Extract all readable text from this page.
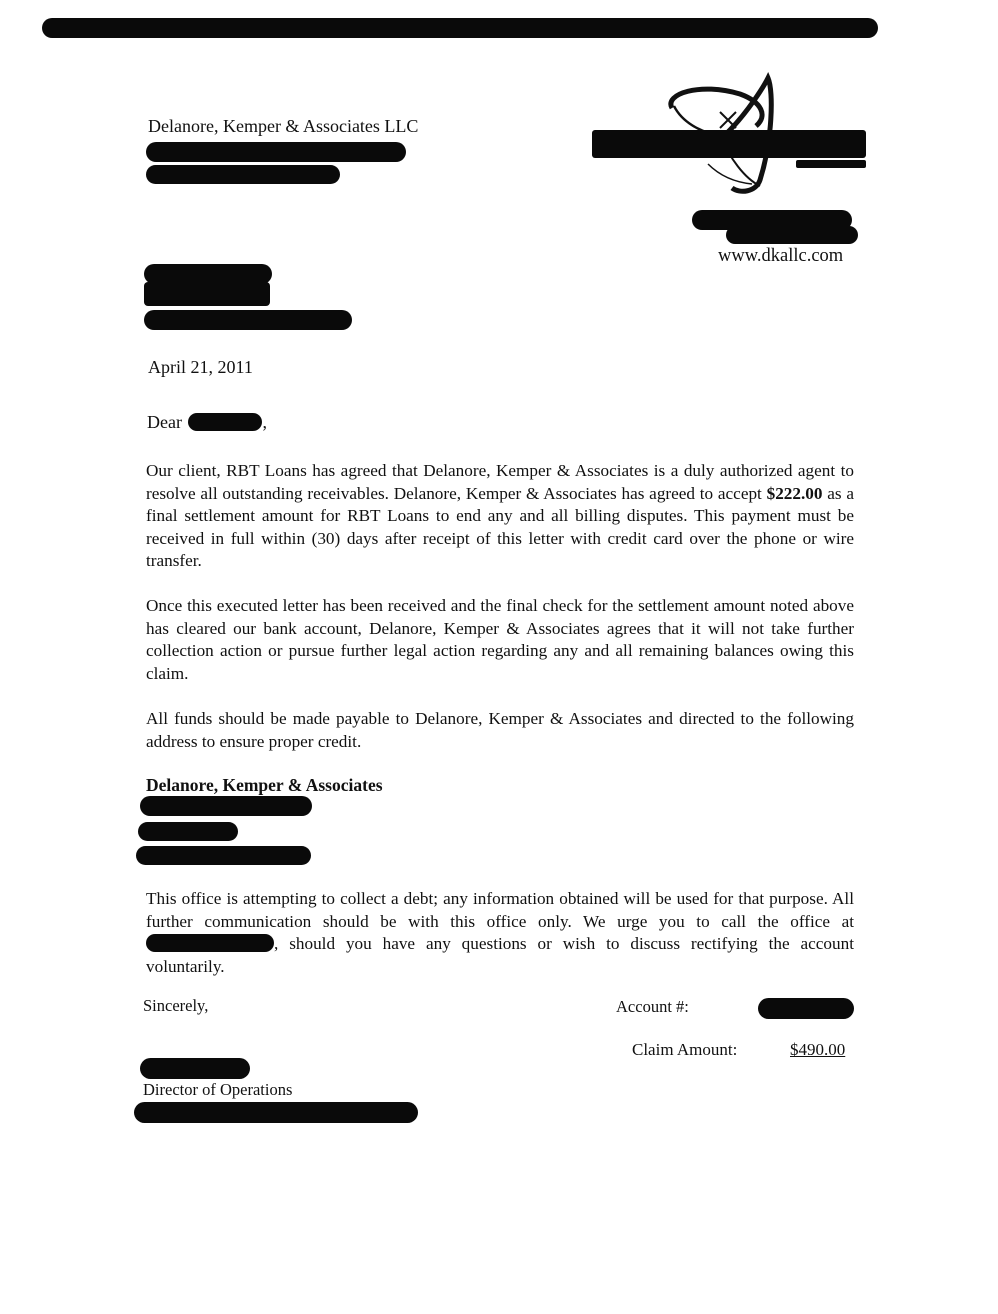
Delanore, Kemper & Associates LLC
www.dkallc.com
April 21, 2011
Dear	,
Our client, RBT Loans has agreed that Delanore, Kemper & Associates is a duly authorized agent to resolve all outstanding receivables. Delanore, Kemper & Associates has agreed to accept $222.00 as a final settlement amount for RBT Loans to end any and all billing disputes. This payment must be received in full within (30) days after receipt of this letter with credit card over the phone or wire transfer.
Once this executed letter has been received and the final check for the settlement amount noted above has cleared our bank account, Delanore, Kemper & Associates agrees that it will not take further collection action or pursue further legal action regarding any and all remaining balances owing this claim.
All funds should be made payable to Delanore, Kemper & Associates and directed to the following address to ensure proper credit.
Delanore, Kemper & Associates
This office is attempting to collect a debt; any information obtained will be used for that purpose. All further communication should be with this office only. We urge you to call the office at , should you have any questions or wish to discuss rectifying the account voluntarily.
Sincerely,	Account #:
Claim Amount:	$490.00
Director of Operations
